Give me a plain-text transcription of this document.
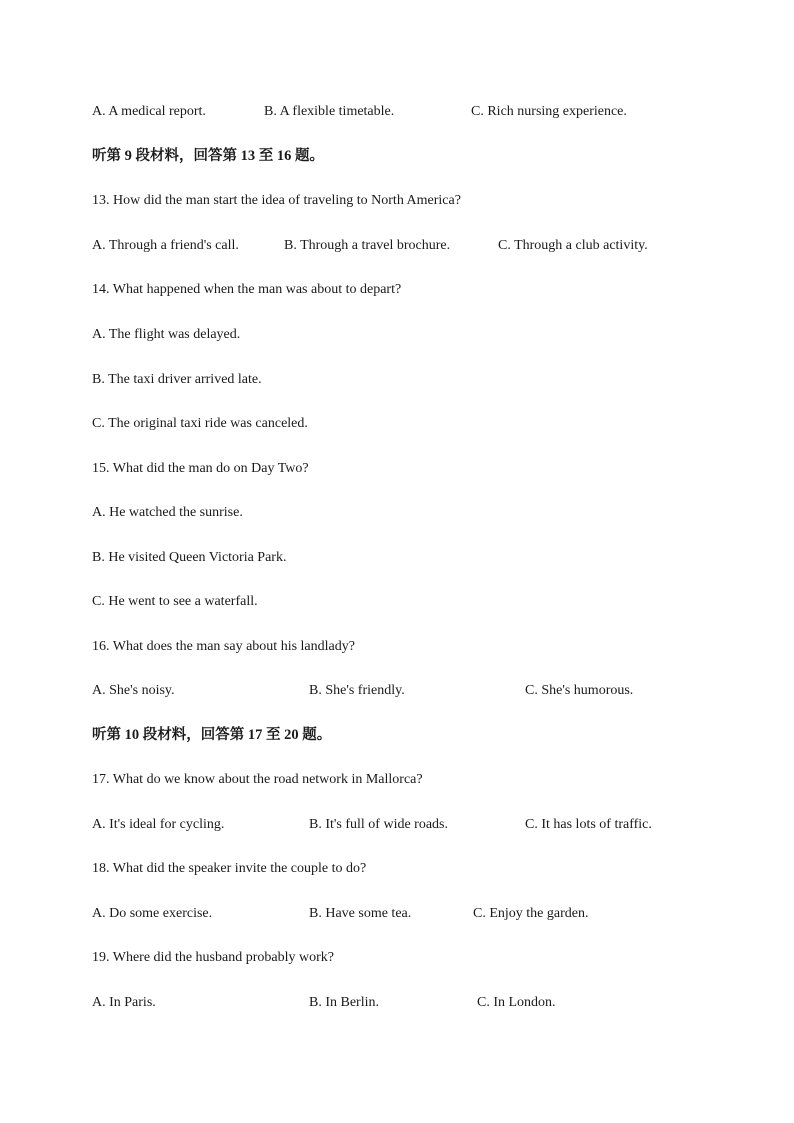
A. A medical report.	B. A flexible timetable.	C. Rich nursing experience.
听第 9 段材料，回答第 13 至 16 题。
13. How did the man start the idea of traveling to North America?
A. Through a friend's call.	B. Through a travel brochure.	C. Through a club activity.
14. What happened when the man was about to depart?
A. The flight was delayed.
B. The taxi driver arrived late.
C. The original taxi ride was canceled.
15. What did the man do on Day Two?
A. He watched the sunrise.
B. He visited Queen Victoria Park.
C. He went to see a waterfall.
16. What does the man say about his landlady?
A. She's noisy.	B. She's friendly.	C. She's humorous.
听第 10 段材料，回答第 17 至 20 题。
17. What do we know about the road network in Mallorca?
A. It's ideal for cycling.	B. It's full of wide roads.	C. It has lots of traffic.
18. What did the speaker invite the couple to do?
A. Do some exercise.	B. Have some tea.	C. Enjoy the garden.
19. Where did the husband probably work?
A. In Paris.	B. In Berlin.	C. In London.
